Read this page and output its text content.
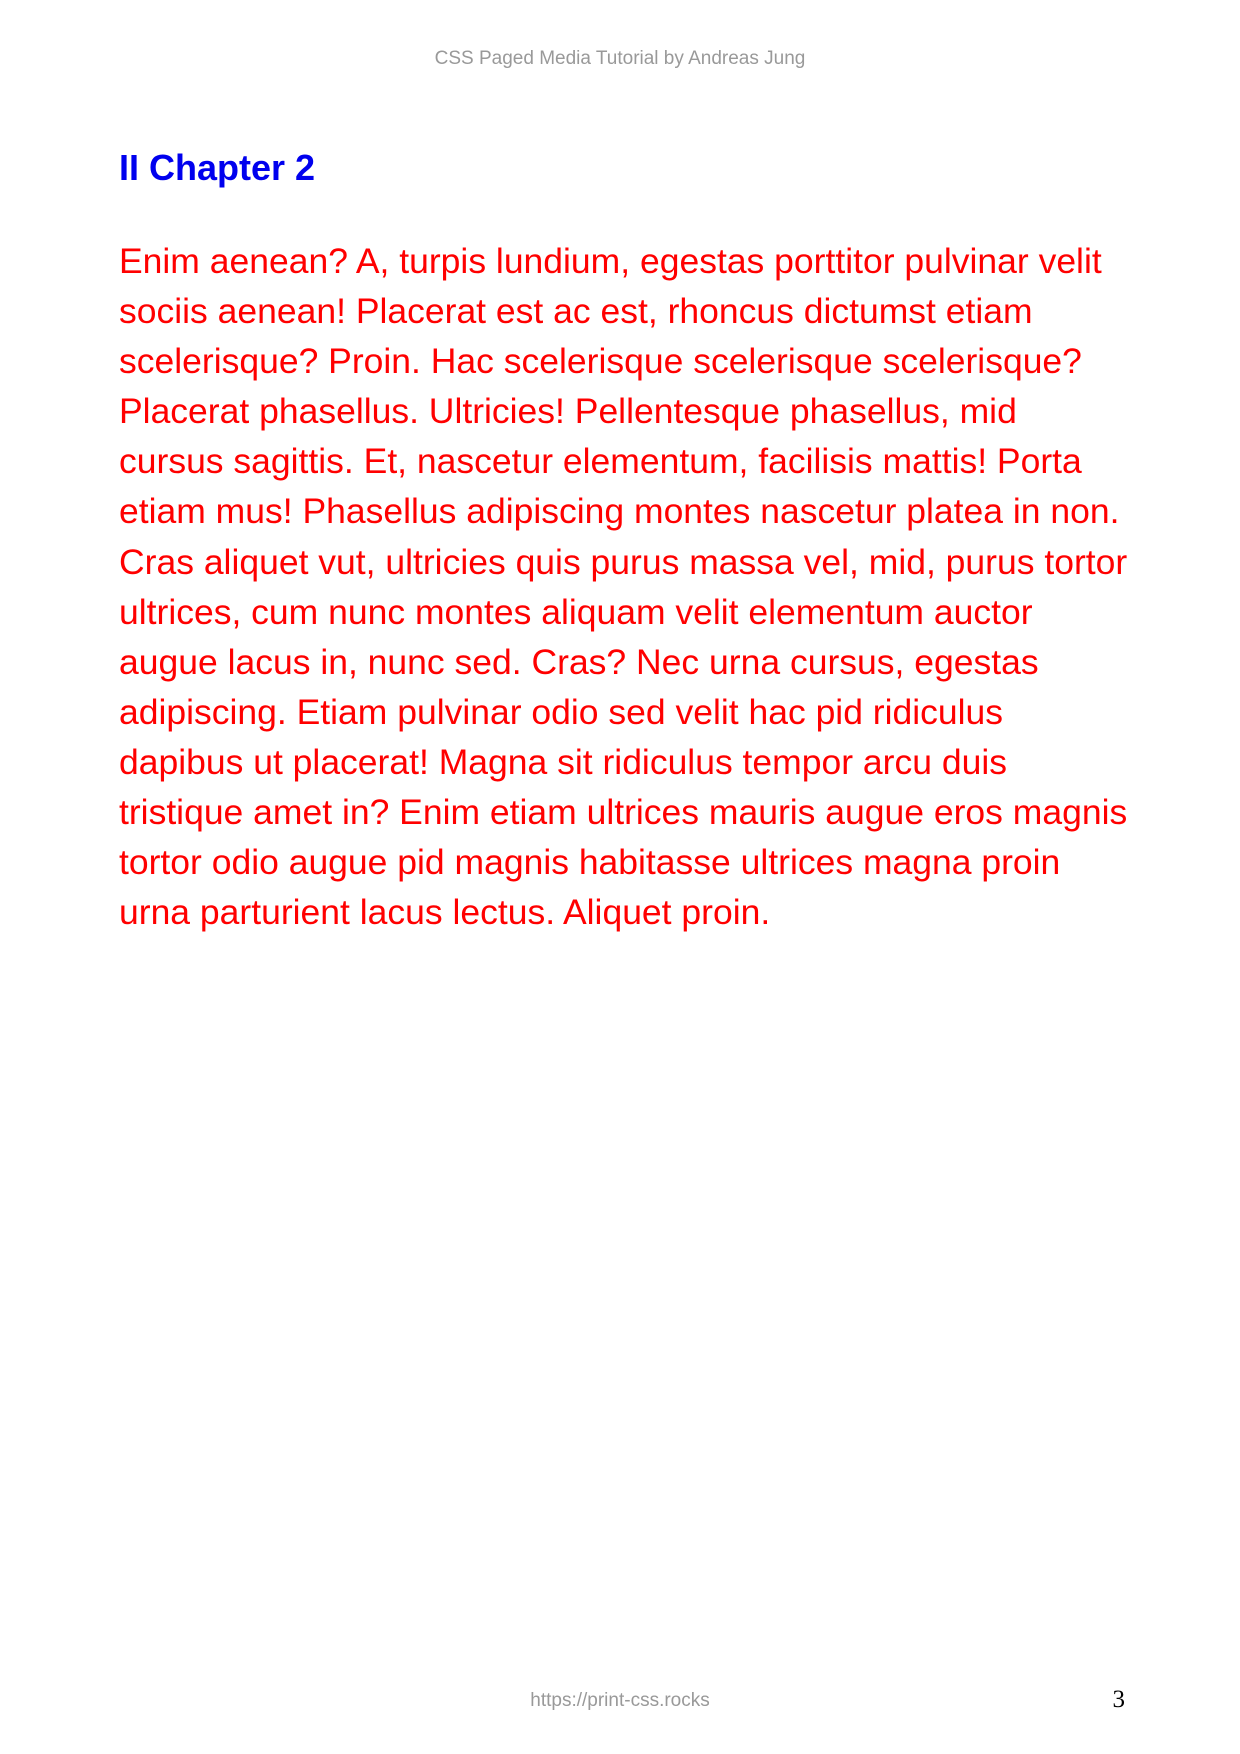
CSS Paged Media Tutorial by Andreas Jung
II Chapter 2

Enim aenean? A, turpis lundium, egestas porttitor pulvinar velit sociis aenean! Placerat est ac est, rhoncus dictumst etiam scelerisque? Proin. Hac scelerisque scelerisque scelerisque? Placerat phasellus. Ultricies! Pellentesque phasellus, mid cursus sagittis. Et, nascetur elementum, facilisis mattis! Porta etiam mus! Phasellus adipiscing montes nascetur platea in non. Cras aliquet vut, ultricies quis purus massa vel, mid, purus tortor ultrices, cum nunc montes aliquam velit elementum auctor augue lacus in, nunc sed. Cras? Nec urna cursus, egestas adipiscing. Etiam pulvinar odio sed velit hac pid ridiculus dapibus ut placerat! Magna sit ridiculus tempor arcu duis tristique amet in? Enim etiam ultrices mauris augue eros magnis tortor odio augue pid magnis habitasse ultrices magna proin urna parturient lacus lectus. Aliquet proin.

https://print-css.rocks	3
